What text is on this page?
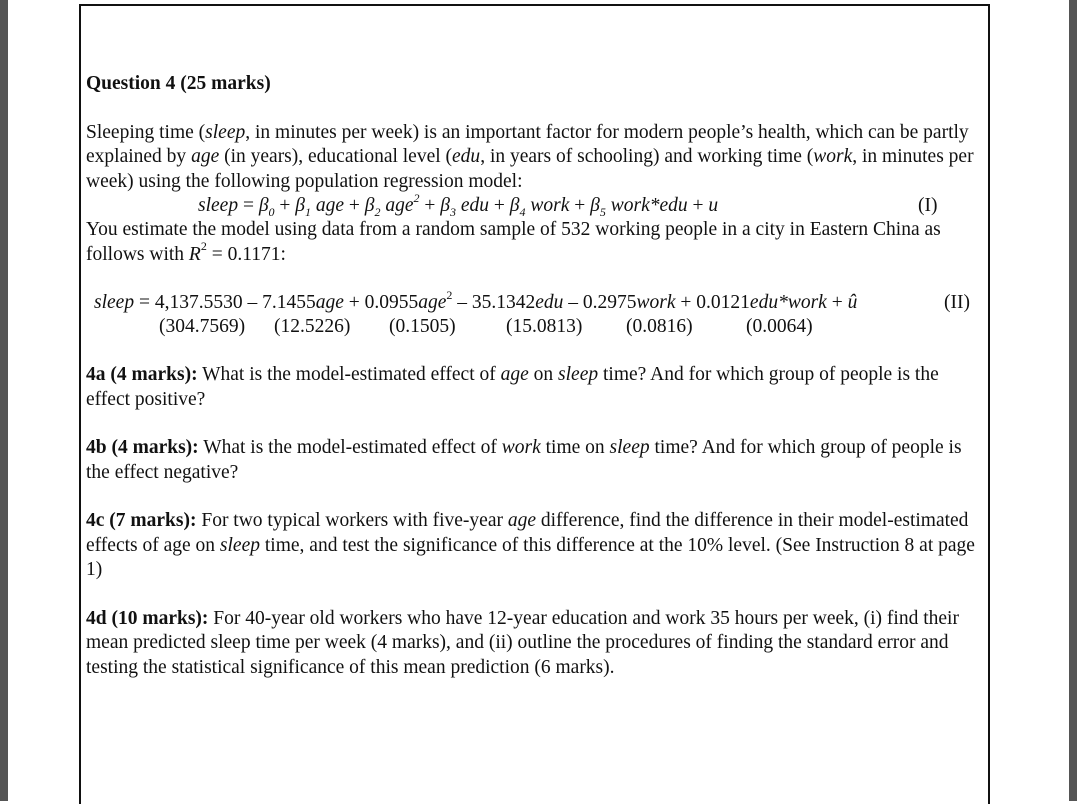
Question 4 (25 marks)

Sleeping time (sleep, in minutes per week) is an important factor for modern people’s health, which can be partly explained by age (in years), educational level (edu, in years of schooling) and working time (work, in minutes per week) using the following population regression model:

sleep = $\beta_0 + \beta_1$ age + $\beta_2$ $age^2 + \beta_3$ edu + $\beta_4$ work + $\beta_5$ work*edu + u	(I)

You estimate the model using data from a random sample of 532 working people in a city in Eastern China as follows with $R^2 = 0.1171$:

sleep = 4,137.5530 – 7.1455age + 0.0955age$^2$ – 35.1342edu – 0.2975work + 0.0121edu*work + û	(II)
(304.7569) (12.5226) (0.1505)	(15.0813) (0.0816)	(0.0064)

4a (4 marks): What is the model-estimated effect of age on sleep time? And for which group of people is the effect positive?

4b (4 marks): What is the model-estimated effect of work time on sleep time? And for which group of people is the effect negative?

4c (7 marks): For two typical workers with five-year age difference, find the difference in their model-estimated effects of age on sleep time, and test the significance of this difference at the 10% level. (See Instruction 8 at page 1)

4d (10 marks): For 40-year old workers who have 12-year education and work 35 hours per week, (i) find their mean predicted sleep time per week (4 marks), and (ii) outline the procedures of finding the standard error and testing the statistical significance of this mean prediction (6 marks).
